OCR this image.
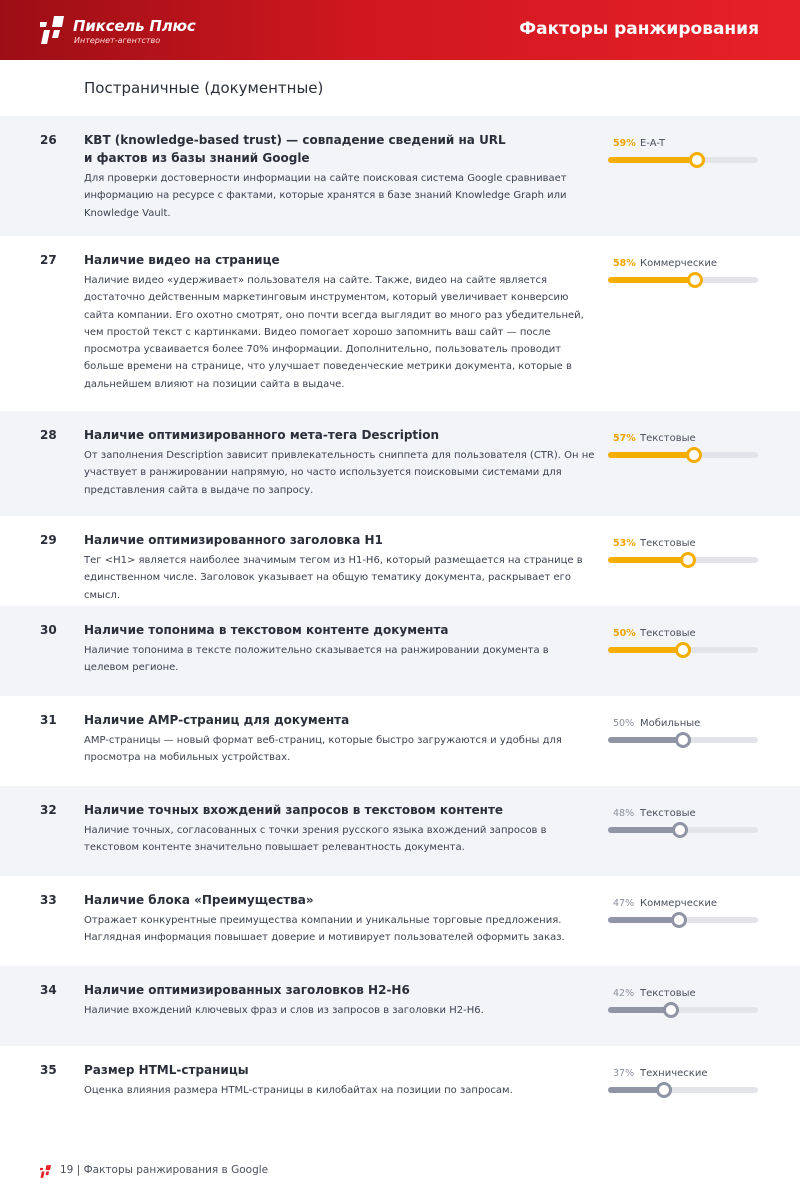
Пиксель Плюс
Интернет-агентство
Факторы ранжирования
Постраничные (документные)
26 KBT (knowledge-based trust) — совпадение сведений на URL и фактов из базы знаний Google
Для проверки достоверности информации на сайте поисковая система Google сравнивает информацию на ресурсе с фактами, которые хранятся в базе знаний Knowledge Graph или Knowledge Vault.
59% E-A-T
27 Наличие видео на странице
Наличие видео «удерживает» пользователя на сайте. Также, видео на сайте является достаточно действенным маркетинговым инструментом, который увеличивает конверсию сайта компании. Его охотно смотрят, оно почти всегда выглядит во много раз убедительней, чем простой текст с картинками. Видео помогает хорошо запомнить ваш сайт — после просмотра усваивается более 70% информации. Дополнительно, пользователь проводит больше времени на странице, что улучшает поведенческие метрики документа, которые в дальнейшем влияют на позиции сайта в выдаче.
58% Коммерческие
28 Наличие оптимизированного мета-тега Description
От заполнения Description зависит привлекательность сниппета для пользователя (CTR). Он не участвует в ранжировании напрямую, но часто используется поисковыми системами для представления сайта в выдаче по запросу.
57% Текстовые
29 Наличие оптимизированного заголовка H1
Тег <H1> является наиболее значимым тегом из H1-H6, который размещается на странице в единственном числе. Заголовок указывает на общую тематику документа, раскрывает его смысл.
53% Текстовые
30 Наличие топонима в текстовом контенте документа
Наличие топонима в тексте положительно сказывается на ранжировании документа в целевом регионе.
50% Текстовые
31 Наличие AMP-страниц для документа
AMP-страницы — новый формат веб-страниц, которые быстро загружаются и удобны для просмотра на мобильных устройствах.
50% Мобильные
32 Наличие точных вхождений запросов в текстовом контенте
Наличие точных, согласованных с точки зрения русского языка вхождений запросов в текстовом контенте значительно повышает релевантность документа.
48% Текстовые
33 Наличие блока «Преимущества»
Отражает конкурентные преимущества компании и уникальные торговые предложения. Наглядная информация повышает доверие и мотивирует пользователей оформить заказ.
47% Коммерческие
34 Наличие оптимизированных заголовков H2-H6
Наличие вхождений ключевых фраз и слов из запросов в заголовки H2-H6.
42% Текстовые
35 Размер HTML-страницы
Оценка влияния размера HTML-страницы в килобайтах на позиции по запросам.
37% Технические
19 | Факторы ранжирования в Google
